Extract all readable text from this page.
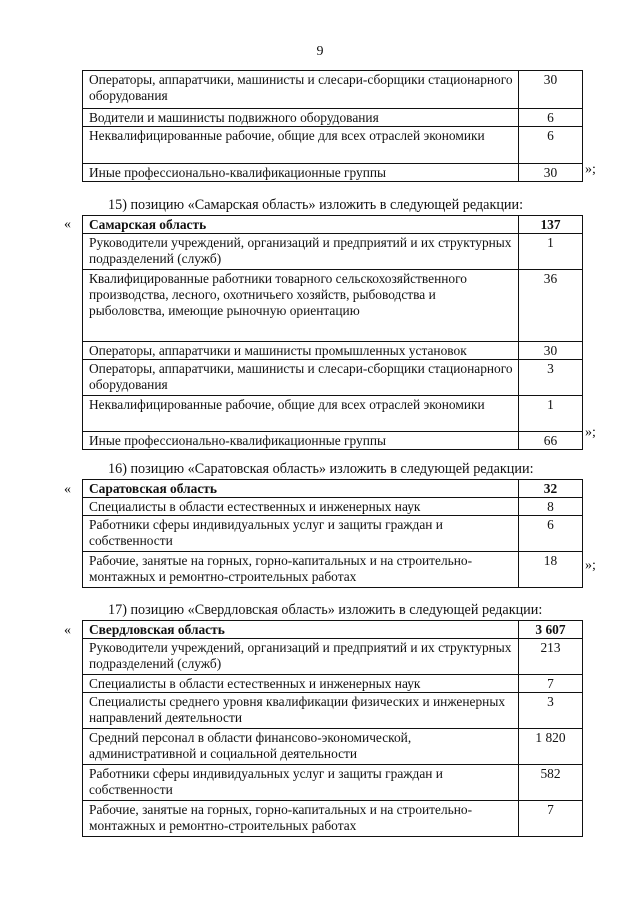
9
Операторы, аппаратчики, машинисты и слесари-сборщики стационарного оборудования	30
Водители и машинисты подвижного оборудования	6
Неквалифицированные рабочие, общие для всех отраслей экономики	6
Иные профессионально-квалификационные группы	30 »;
15) позицию «Самарская область» изложить в следующей редакции:
« Самарская область	137
Руководители учреждений, организаций и предприятий и их структурных подразделений (служб)	1
Квалифицированные работники товарного сельскохозяйственного производства, лесного, охотничьего хозяйств, рыбоводства и рыболовства, имеющие рыночную ориентацию	36
Операторы, аппаратчики и машинисты промышленных установок	30
Операторы, аппаратчики, машинисты и слесари-сборщики стационарного оборудования	3
Неквалифицированные рабочие, общие для всех отраслей экономики	1
Иные профессионально-квалификационные группы	66
»;
16) позицию «Саратовская область» изложить в следующей редакции:
« Саратовская область	32
Специалисты в области естественных и инженерных наук	8
Работники сферы индивидуальных услуг и защиты граждан и собственности	6
Рабочие, занятые на горных, горно-капитальных и на строительно-монтажных и ремонтно-строительных работах	18 »;
17) позицию «Свердловская область» изложить в следующей редакции:
« Свердловская область	3 607
Руководители учреждений, организаций и предприятий и их структурных подразделений (служб)	213
Специалисты в области естественных и инженерных наук	7
Специалисты среднего уровня квалификации физических и инженерных направлений деятельности	3
Средний персонал в области финансово-экономической, административной и социальной деятельности	1 820
Работники сферы индивидуальных услуг и защиты граждан и собственности	582
Рабочие, занятые на горных, горно-капитальных и на строительно-монтажных и ремонтно-строительных работах	7
